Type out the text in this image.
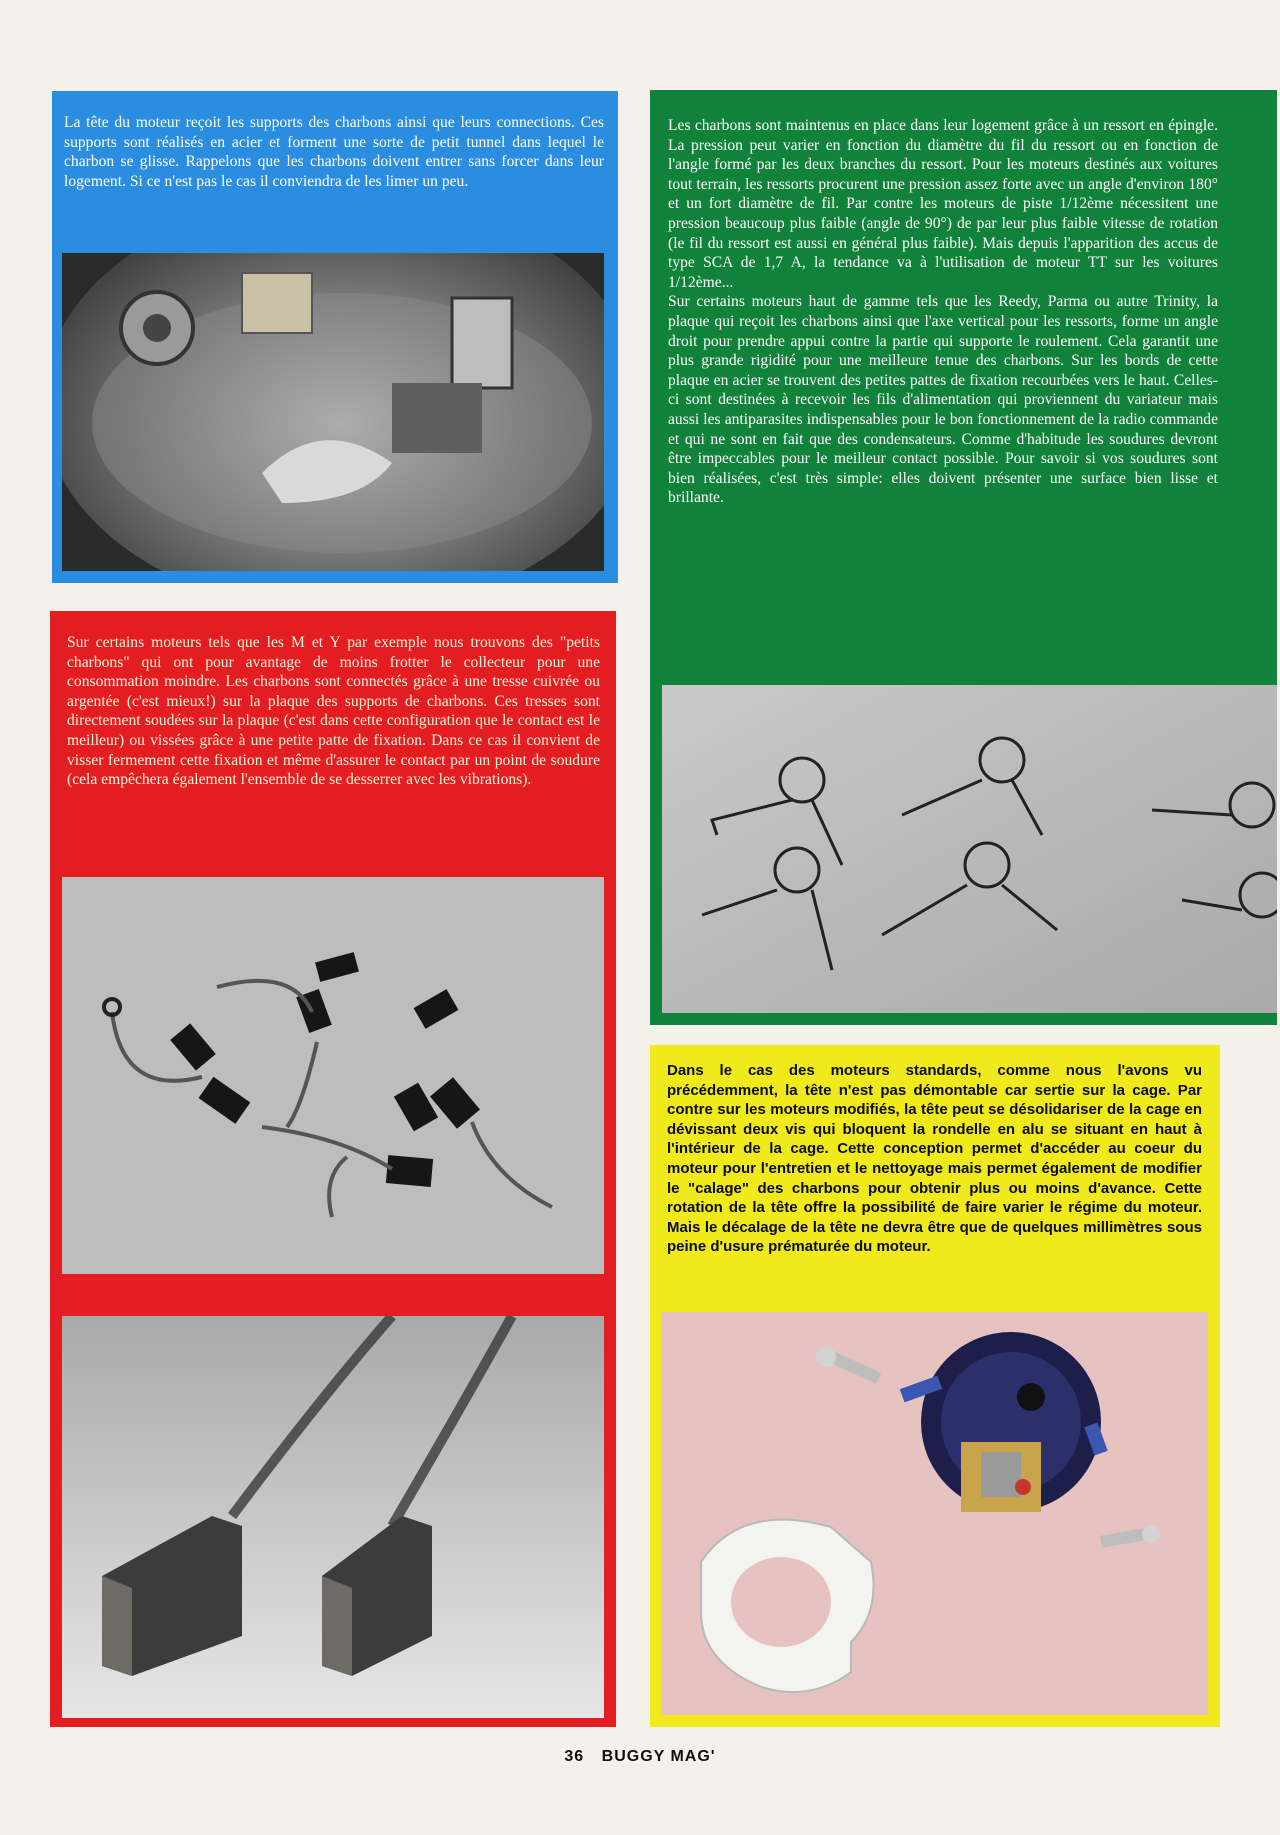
La tête du moteur reçoit les supports des charbons ainsi que leurs connections. Ces supports sont réalisés en acier et forment une sorte de petit tunnel dans lequel le charbon se glisse. Rappelons que les charbons doivent entrer sans forcer dans leur logement. Si ce n'est pas le cas il conviendra de les limer un peu.
Les charbons sont maintenus en place dans leur logement grâce à un ressort en épingle. La pression peut varier en fonction du diamètre du fil du ressort ou en fonction de l'angle formé par les deux branches du ressort. Pour les moteurs destinés aux voitures tout terrain, les ressorts procurent une pression assez forte avec un angle d'environ 180° et un fort diamètre de fil. Par contre les moteurs de piste 1/12ème nécessitent une pression beaucoup plus faible (angle de 90°) de par leur plus faible vitesse de rotation (le fil du ressort est aussi en général plus faible). Mais depuis l'apparition des accus de type SCA de 1,7 A, la tendance va à l'utilisation de moteur TT sur les voitures 1/12ème...
Sur certains moteurs haut de gamme tels que les Reedy, Parma ou autre Trinity, la plaque qui reçoit les charbons ainsi que l'axe vertical pour les ressorts, forme un angle droit pour prendre appui contre la partie qui supporte le roulement. Cela garantit une plus grande rigidité pour une meilleure tenue des charbons. Sur les bords de cette plaque en acier se trouvent des petites pattes de fixation recourbées vers le haut. Celles-ci sont destinées à recevoir les fils d'alimentation qui proviennent du variateur mais aussi les antiparasites indispensables pour le bon fonctionnement de la radio commande et qui ne sont en fait que des condensateurs. Comme d'habitude les soudures devront être impeccables pour le meilleur contact possible. Pour savoir si vos soudures sont bien réalisées, c'est très simple: elles doivent présenter une surface bien lisse et brillante.
Sur certains moteurs tels que les M et Y par exemple nous trouvons des "petits charbons" qui ont pour avantage de moins frotter le collecteur pour une consommation moindre. Les charbons sont connectés grâce à une tresse cuivrée ou argentée (c'est mieux!) sur la plaque des supports de charbons. Ces tresses sont directement soudées sur la plaque (c'est dans cette configuration que le contact est le meilleur) ou vissées grâce à une petite patte de fixation. Dans ce cas il convient de visser fermement cette fixation et même d'assurer le contact par un point de soudure (cela empêchera également l'ensemble de se desserrer avec les vibrations).
Dans le cas des moteurs standards, comme nous l'avons vu précédemment, la tête n'est pas démontable car sertie sur la cage. Par contre sur les moteurs modifiés, la tête peut se désolidariser de la cage en dévissant deux vis qui bloquent la rondelle en alu se situant en haut à l'intérieur de la cage. Cette conception permet d'accéder au coeur du moteur pour l'entretien et le nettoyage mais permet également de modifier le "calage" des charbons pour obtenir plus ou moins d'avance. Cette rotation de la tête offre la possibilité de faire varier le régime du moteur. Mais le décalage de la tête ne devra être que de quelques millimètres sous peine d'usure prématurée du moteur.
36 BUGGY MAG'
